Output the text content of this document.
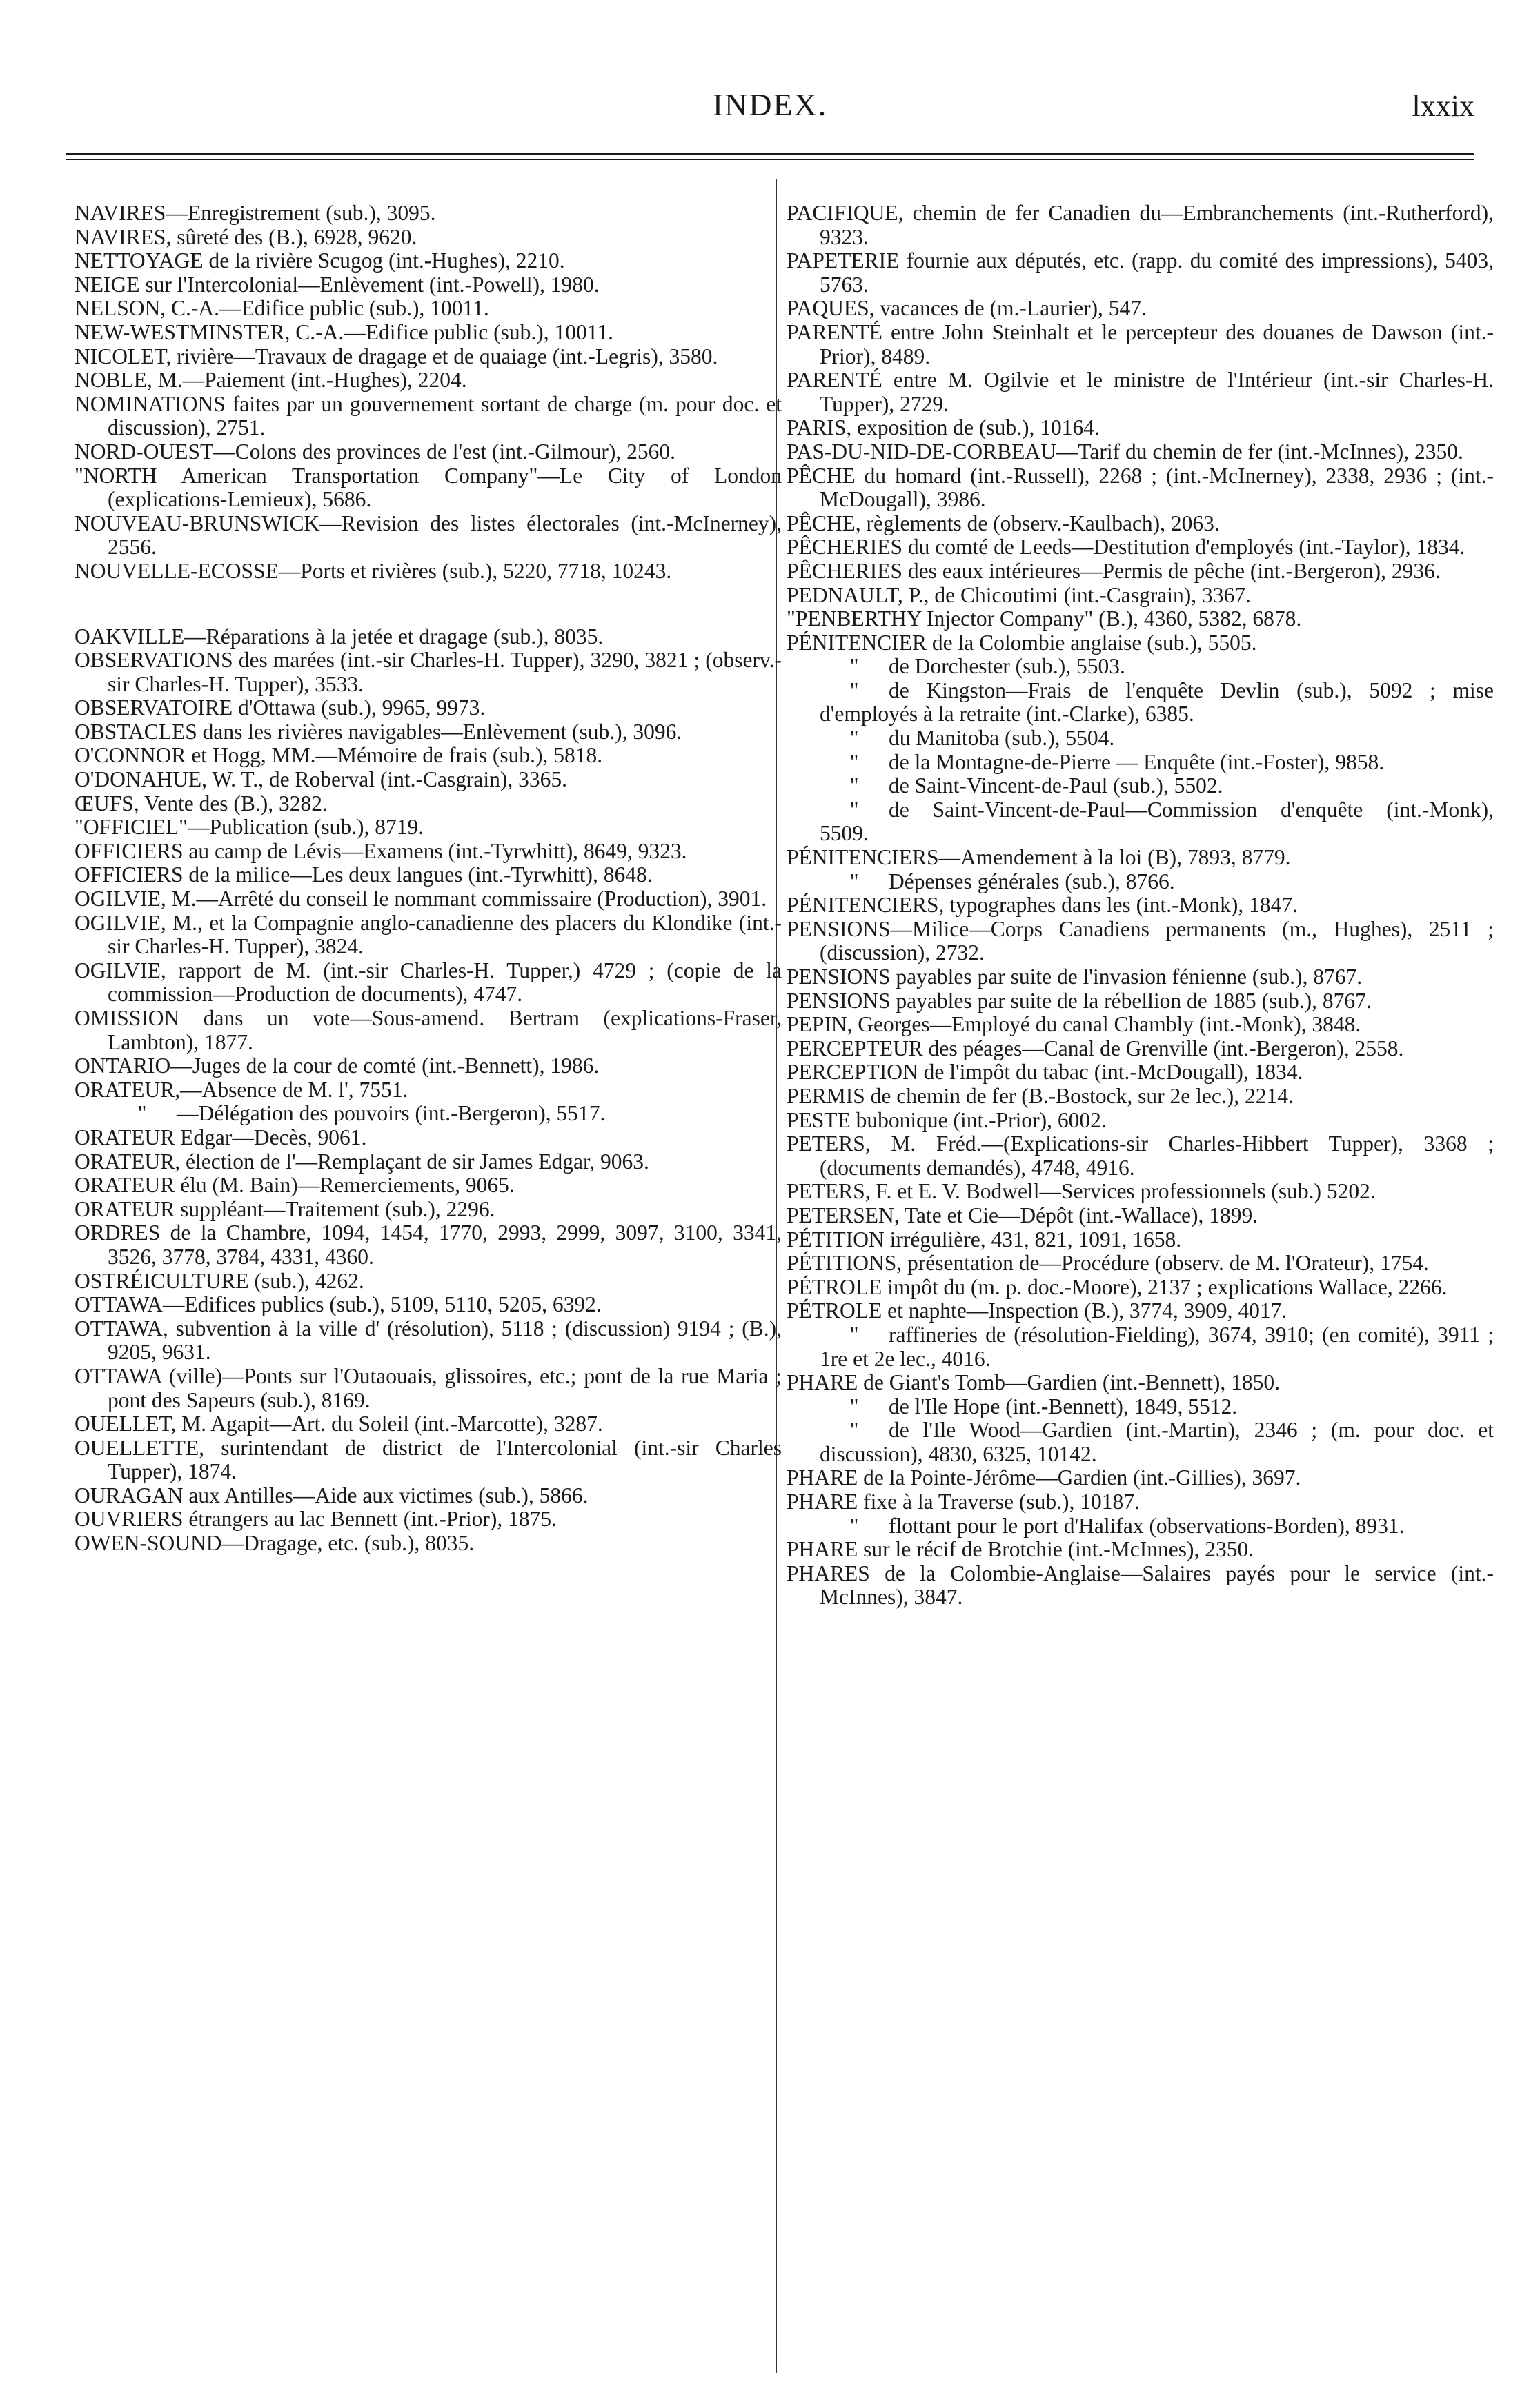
INDEX.	lxxix

NAVIRES—Enregistrement (sub.), 3095.

NAVIRES, sûreté des (B.), 6928, 9620.

NETTOYAGE de la rivière Scugog (int.-Hughes), 2210.

NEIGE sur l'Intercolonial—Enlèvement (int.-Powell), 1980.

NELSON, C.-A.—Edifice public (sub.), 10011.

NEW-WESTMINSTER, C.-A.—Edifice public (sub.), 10011.

NICOLET, rivière—Travaux de dragage et de quaiage (int.-Legris), 3580.

NOBLE, M.—Paiement (int.-Hughes), 2204.

NOMINATIONS faites par un gouvernement sortant de charge (m. pour doc. et discussion), 2751.

NORD-OUEST—Colons des provinces de l'est (int.-Gilmour), 2560.

"NORTH American Transportation Company"—Le City of London (explications-Lemieux), 5686.

NOUVEAU-BRUNSWICK—Revision des listes électorales (int.-McInerney), 2556.

NOUVELLE-ECOSSE—Ports et rivières (sub.), 5220, 7718, 10243.

OAKVILLE—Réparations à la jetée et dragage (sub.), 8035.

OBSERVATIONS des marées (int.-sir Charles-H. Tupper), 3290, 3821 ; (observ.-sir Charles-H. Tupper), 3533.

OBSERVATOIRE d'Ottawa (sub.), 9965, 9973.

OBSTACLES dans les rivières navigables—Enlèvement (sub.), 3096.

O'CONNOR et Hogg, MM.—Mémoire de frais (sub.), 5818.

O'DONAHUE, W. T., de Roberval (int.-Casgrain), 3365.

ŒUFS, Vente des (B.), 3282.

"OFFICIEL"—Publication (sub.), 8719.

OFFICIERS au camp de Lévis—Examens (int.-Tyrwhitt), 8649, 9323.

OFFICIERS de la milice—Les deux langues (int.-Tyrwhitt), 8648.

OGILVIE, M.—Arrêté du conseil le nommant commissaire (Production), 3901.

OGILVIE, M., et la Compagnie anglo-canadienne des placers du Klondike (int.-sir Charles-H. Tupper), 3824.

OGILVIE, rapport de M. (int.-sir Charles-H. Tupper,) 4729 ; (copie de la commission—Production de documents), 4747.

OMISSION dans un vote—Sous-amend. Bertram (explications-Fraser, Lambton), 1877.

ONTARIO—Juges de la cour de comté (int.-Bennett), 1986.

ORATEUR,—Absence de M. l', 7551.

" —Délégation des pouvoirs (int.-Bergeron), 5517.

ORATEUR Edgar—Decès, 9061.

ORATEUR, élection de l'—Remplaçant de sir James Edgar, 9063.

ORATEUR élu (M. Bain)—Remerciements, 9065.

ORATEUR suppléant—Traitement (sub.), 2296.

ORDRES de la Chambre, 1094, 1454, 1770, 2993, 2999, 3097, 3100, 3341, 3526, 3778, 3784, 4331, 4360.

OSTRÉICULTURE (sub.), 4262.

OTTAWA—Edifices publics (sub.), 5109, 5110, 5205, 6392.

OTTAWA, subvention à la ville d' (résolution), 5118 ; (discussion) 9194 ; (B.), 9205, 9631.

OTTAWA (ville)—Ponts sur l'Outaouais, glissoires, etc.; pont de la rue Maria ; pont des Sapeurs (sub.), 8169.

OUELLET, M. Agapit—Art. du Soleil (int.-Marcotte), 3287.

OUELLETTE, surintendant de district de l'Intercolonial (int.-sir Charles Tupper), 1874.

OURAGAN aux Antilles—Aide aux victimes (sub.), 5866.

OUVRIERS étrangers au lac Bennett (int.-Prior), 1875.

OWEN-SOUND—Dragage, etc. (sub.), 8035.

PACIFIQUE, chemin de fer Canadien du—Embranchements (int.-Rutherford), 9323.

PAPETERIE fournie aux députés, etc. (rapp. du comité des impressions), 5403, 5763.

PAQUES, vacances de (m.-Laurier), 547.

PARENTÉ entre John Steinhalt et le percepteur des douanes de Dawson (int.-Prior), 8489.

PARENTÉ entre M. Ogilvie et le ministre de l'Intérieur (int.-sir Charles-H. Tupper), 2729.

PARIS, exposition de (sub.), 10164.

PAS-DU-NID-DE-CORBEAU—Tarif du chemin de fer (int.-McInnes), 2350.

PÊCHE du homard (int.-Russell), 2268 ; (int.-McInerney), 2338, 2936 ; (int.-McDougall), 3986.

PÊCHE, règlements de (observ.-Kaulbach), 2063.

PÊCHERIES du comté de Leeds—Destitution d'employés (int.-Taylor), 1834.

PÊCHERIES des eaux intérieures—Permis de pêche (int.-Bergeron), 2936.

PEDNAULT, P., de Chicoutimi (int.-Casgrain), 3367.

"PENBERTHY Injector Company" (B.), 4360, 5382, 6878.

PÉNITENCIER de la Colombie anglaise (sub.), 5505.

" de Dorchester (sub.), 5503.

" de Kingston—Frais de l'enquête Devlin (sub.), 5092 ; mise d'employés à la retraite (int.-Clarke), 6385.

" du Manitoba (sub.), 5504.

" de la Montagne-de-Pierre — Enquête (int.-Foster), 9858.

" de Saint-Vincent-de-Paul (sub.), 5502.

" de Saint-Vincent-de-Paul—Commission d'enquête (int.-Monk), 5509.

PÉNITENCIERS—Amendement à la loi (B), 7893, 8779.

" Dépenses générales (sub.), 8766.

PÉNITENCIERS, typographes dans les (int.-Monk), 1847.

PENSIONS—Milice—Corps Canadiens permanents (m., Hughes), 2511 ; (discussion), 2732.

PENSIONS payables par suite de l'invasion fénienne (sub.), 8767.

PENSIONS payables par suite de la rébellion de 1885 (sub.), 8767.

PEPIN, Georges—Employé du canal Chambly (int.-Monk), 3848.

PERCEPTEUR des péages—Canal de Grenville (int.-Bergeron), 2558.

PERCEPTION de l'impôt du tabac (int.-McDougall), 1834.

PERMIS de chemin de fer (B.-Bostock, sur 2e lec.), 2214.

PESTE bubonique (int.-Prior), 6002.

PETERS, M. Fréd.—(Explications-sir Charles-Hibbert Tupper), 3368 ; (documents demandés), 4748, 4916.

PETERS, F. et E. V. Bodwell—Services professionnels (sub.) 5202.

PETERSEN, Tate et Cie—Dépôt (int.-Wallace), 1899.

PÉTITION irrégulière, 431, 821, 1091, 1658.

PÉTITIONS, présentation de—Procédure (observ. de M. l'Orateur), 1754.

PÉTROLE impôt du (m. p. doc.-Moore), 2137 ; explications Wallace, 2266.

PÉTROLE et naphte—Inspection (B.), 3774, 3909, 4017.

" raffineries de (résolution-Fielding), 3674, 3910; (en comité), 3911 ; 1re et 2e lec., 4016.

PHARE de Giant's Tomb—Gardien (int.-Bennett), 1850.

" de l'Ile Hope (int.-Bennett), 1849, 5512.

" de l'Ile Wood—Gardien (int.-Martin), 2346 ; (m. pour doc. et discussion), 4830, 6325, 10142.

PHARE de la Pointe-Jérôme—Gardien (int.-Gillies), 3697.

PHARE fixe à la Traverse (sub.), 10187.

" flottant pour le port d'Halifax (observations-Borden), 8931.

PHARE sur le récif de Brotchie (int.-McInnes), 2350.

PHARES de la Colombie-Anglaise—Salaires payés pour le service (int.-McInnes), 3847.
